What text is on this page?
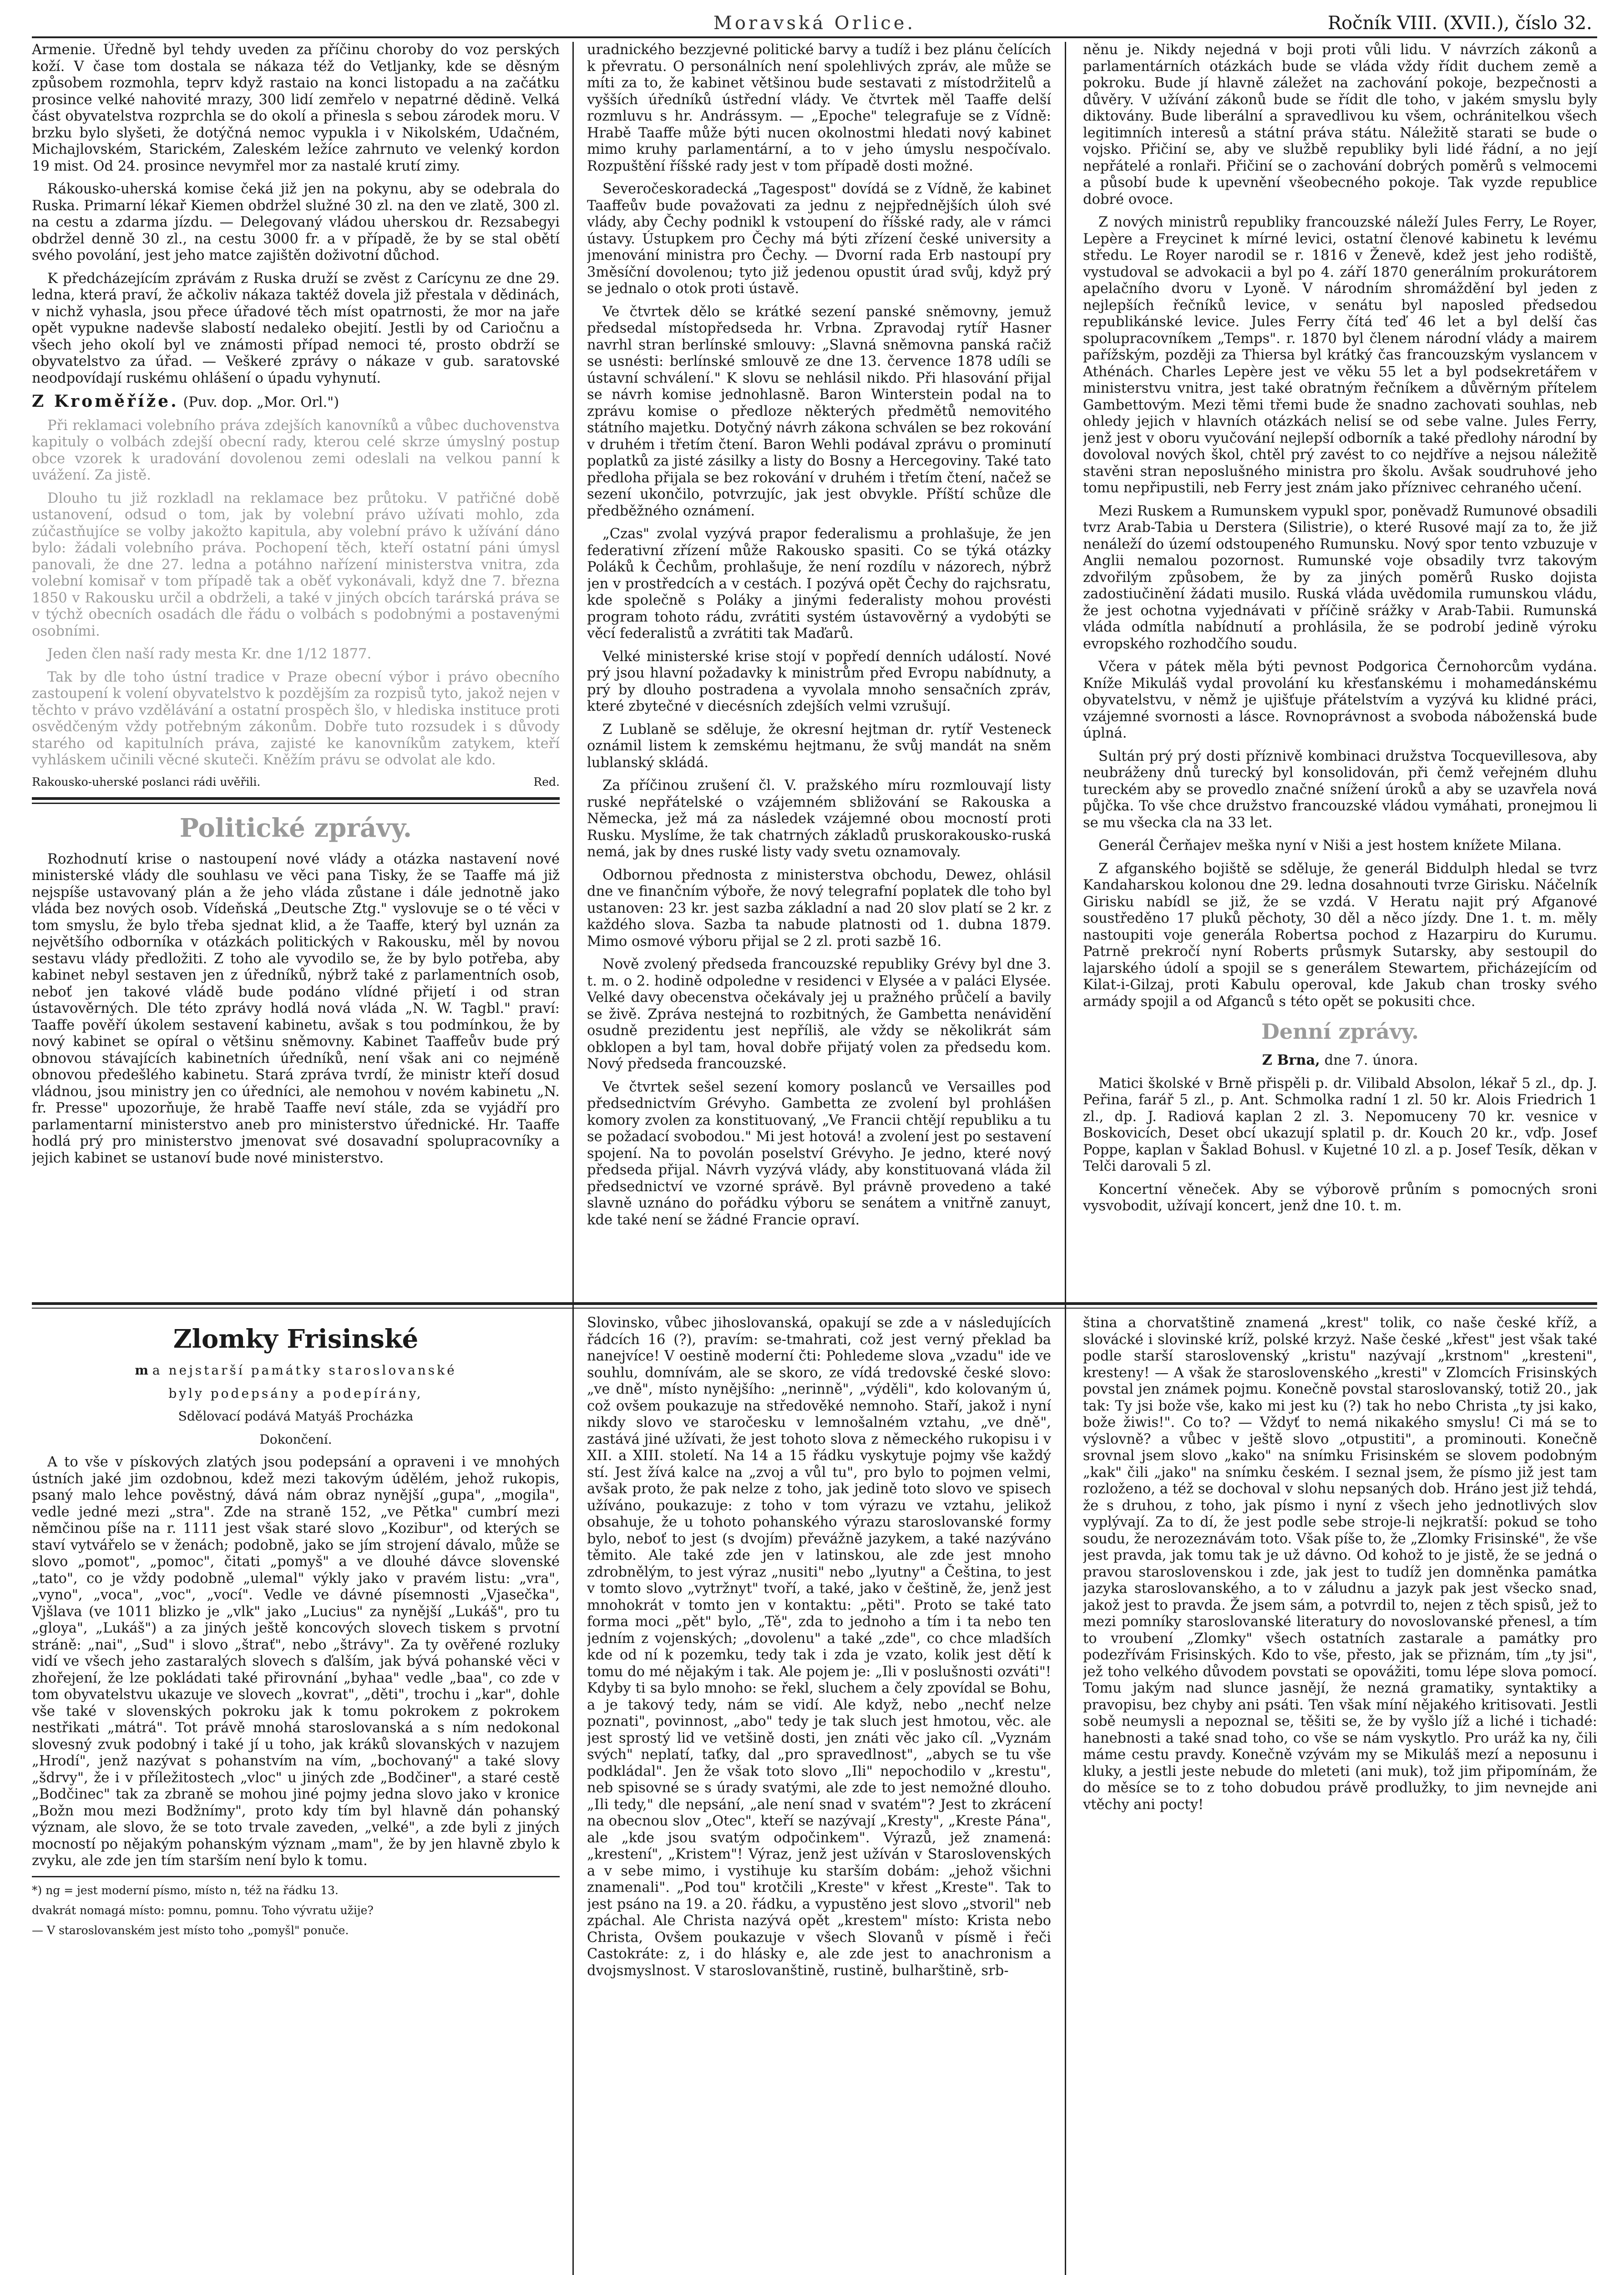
Moravská Orlice.	Ročník VIII. (XVII.), číslo 32.

Armenie. Úředně byl tehdy uveden za příčinu choroby do voz perských koží. V čase tom dostala se nákaza též do Vetljanky, kde se děsným způsobem rozmohla, teprv když rastaio na konci listopadu a na začátku prosince velké nahovité mrazy, 300 lidí zemřelo v nepatrné dědině. Velká část obyvatelstva rozprchla se do okolí a přinesla s sebou zárodek moru. V brzku bylo slyšeti, že dotýčná nemoc vypukla i v Nikolském, Udačném, Michajlovském, Starickém, Zaleském ležíce zahrnuto ve velenký kordon 19 mist. Od 24. prosince nevymřel mor za nastalé krutí zimy.

Rákousko-uherská komise čeká již jen na pokynu, aby se odebrala do Ruska. Primarní lékař Kiemen obdržel služné 30 zl. na den ve zlatě, 300 zl. na cestu a zdarma jízdu. — Delegovaný vládou uherskou dr. Rezsabegyi obdržel denně 30 zl., na cestu 3000 fr. a v případě, že by se stal obětí svého povolání, jest jeho matce zajištěn doživotní důchod.

K předcházejícím zprávám z Ruska druží se zvěst z Carícynu ze dne 29. ledna, která praví, že ačkoliv nákaza taktéž dovela již přestala v dědinách, v nichž vyhasla, jsou přece úřadové těch míst opatrnosti, že mor na jaře opět vypukne nadevše slabostí nedaleko obejití. Jestli by od Cariočnu a všech jeho okolí byl ve známosti případ nemoci té, prosto obdrží se obyvatelstvo za úřad. — Veškeré zprávy o nákaze v gub. saratovské neodpovídají ruskému ohlášení o úpadu vyhynutí.

Z Kroměříže. (Puv. dop. „Mor. Orl.")

Při reklamaci volebního práva zdejších kanovníků a vůbec duchovenstva kapituly o volbách zdejší obecní rady, kterou celé skrze úmyslný postup obce vzorek k uradování dovolenou zemi odeslali na velkou panní k uvážení. Za jistě.

Dlouho tu již rozkladl na reklamace bez průtoku. V patřičné době ustanovení, odsud o tom, jak by volební právo užívati mohlo, zda zúčastňujíce se volby jakožto kapitula, aby volební právo k užívání dáno bylo: žádali volebního práva. Pochopení těch, kteří ostatní páni úmysl panovali, že dne 27. ledna a potáhno nařízení ministerstva vnitra, zda volební komisař v tom případě tak a oběť vykonávali, když dne 7. března 1850 v Rakousku určil a obdrželi, a také v jiných obcích tarárská práva se v týchž obecních osadách dle řádu o volbách s podobnými a postavenými osobními.

Jeden člen naší rady mesta Kr. dne 1/12 1877.

Tak by dle toho ústní tradice v Praze obecní výbor i právo obecního zastoupení k volení obyvatelstvo k pozdějším za rozpisů tyto, jakož nejen v těchto v právo vzdělávání a ostatní prospěch šlo, v hlediska instituce proti osvědčeným vždy potřebným zákonům. Dobře tuto rozsudek i s důvody starého od kapitulních práva, zajisté ke kanovníkům zatykem, kteří vyhláskem učinili věcné skuteči. Kněžím právu se odvolat ale kdo.

Rakousko-uherské poslanci rádi uvěřili.	Red.

Politické zprávy.

Rozhodnutí krise o nastoupení nové vlády a otázka nastavení nové ministerské vlády dle souhlasu ve věci pana Tisky, že se Taaffe má již nejspíše ustavovaný plán a že jeho vláda zůstane i dále jednotně jako vláda bez nových osob. Vídeňská „Deutsche Ztg." vyslovuje se o té věci v tom smyslu, že bylo třeba sjednat klid, a že Taaffe, který byl uznán za největšího odborníka v otázkách politických v Rakousku, měl by novou sestavu vlády předložiti. Z toho ale vyvodilo se, že by bylo potřeba, aby kabinet nebyl sestaven jen z úředníků, nýbrž také z parlamentních osob, neboť jen takové vládě bude podáno vlídné přijetí i od stran ústavověrných. Dle této zprávy hodlá nová vláda „N. W. Tagbl." praví: Taaffe pověří úkolem sestavení kabinetu, avšak s tou podmínkou, že by nový kabinet se opíral o většinu sněmovny. Kabinet Taaffeův bude prý obnovou stávajících kabinetních úředníků, není však ani co nejméně obnovou předešlého kabinetu. Stará zpráva tvrdí, že ministr kteří dosud vládnou, jsou ministry jen co úředníci, ale nemohou v novém kabinetu „N. fr. Presse" upozorňuje, že hrabě Taaffe neví stále, zda se vyjádří pro parlamentarní ministerstvo aneb pro ministerstvo úřednické. Hr. Taaffe hodlá prý pro ministerstvo jmenovat své dosavadní spolupracovníky a jejich kabinet se ustanoví bude nové ministerstvo.

uradnického bezzjevné politické barvy a tudíž i bez plánu čelících k převratu. O personálních není spolehlivých zpráv, ale může se míti za to, že kabinet většinou bude sestavati z místodržitelů a vyšších úředníků ústřední vlády. Ve čtvrtek měl Taaffe delší rozmluvu s hr. Andrássym. — „Epoche" telegrafuje se z Vídně: Hrabě Taaffe může býti nucen okolnostmi hledati nový kabinet mimo kruhy parlamentární, a to v jeho úmyslu nespočívalo. Rozpuštění říšské rady jest v tom případě dosti možné.

Severočeskoradecká „Tagespost" dovídá se z Vídně, že kabinet Taaffeův bude považovati za jednu z nejpřednějších úloh své vlády, aby Čechy podnikl k vstoupení do říšské rady, ale v rámci ústavy. Ústupkem pro Čechy má býti zřízení české university a jmenování ministra pro Čechy. — Dvorní rada Erb nastoupí pry 3měsíční dovolenou; tyto již jedenou opustit úrad svůj, když prý se jednalo o otok proti ústavě.

Ve čtvrtek dělo se krátké sezení panské sněmovny, jemuž předsedal místopředseda hr. Vrbna. Zpravodaj rytíř Hasner navrhl stran berlínské smlouvy: „Slavná sněmovna panská račiž se usnésti: berlínské smlouvě ze dne 13. července 1878 udíli se ústavní schválení." K slovu se nehlásil nikdo. Při hlasování přijal se návrh komise jednohlasně. Baron Winterstein podal na to zprávu komise o předloze některých předmětů nemovitého státního majetku. Dotyčný návrh zákona schválen se bez rokování v druhém i třetím čtení. Baron Wehli podával zprávu o prominutí poplatků za jisté zásilky a listy do Bosny a Hercegoviny. Také tato předloha přijala se bez rokování v druhém i třetím čtení, načež se sezení ukončilo, potvrzujíc, jak jest obvykle. Příští schůze dle předběžného oznámení.

„Czas" zvolal vyzývá prapor federalismu a prohlašuje, že jen federativní zřízení může Rakousko spasiti. Co se týká otázky Poláků k Čechům, prohlašuje, že není rozdílu v názorech, nýbrž jen v prostředcích a v cestách. I pozývá opět Čechy do rajchsratu, kde společně s Poláky a jinými federalisty mohou provésti program tohoto rádu, zvrátiti systém ústavověrný a vydobýti se věcí federalistů a zvrátiti tak Maďarů.

Velké ministerské krise stojí v popředí denních událostí. Nové prý jsou hlavní požadavky k ministrům před Evropu nabídnuty, a prý by dlouho postradena a vyvolala mnoho sensačních zpráv, které zbytečné v diecésních zdejších velmi vzrušují.

Z Lublaně se sděluje, že okresní hejtman dr. rytíř Vesteneck oznámil listem k zemskému hejtmanu, že svůj mandát na sněm lublanský skládá.

Za příčinou zrušení čl. V. pražského míru rozmlouvají listy ruské nepřátelské o vzájemném sbližování se Rakouska a Německa, jež má za následek vzájemné obou mocností proti Rusku. Myslíme, že tak chatrných základů pruskorakousko-ruská nemá, jak by dnes ruské listy vady svetu oznamovaly.

Odbornou přednosta z ministerstva obchodu, Dewez, ohlásil dne ve finančním výboře, že nový telegrafní poplatek dle toho byl ustanoven: 23 kr. jest sazba základní a nad 20 slov platí se 2 kr. z každého slova. Sazba ta nabude platnosti od 1. dubna 1879. Mimo osmové výboru přijal se 2 zl. proti sazbě 16.

Nově zvolený předseda francouzské republiky Grévy byl dne 3. t. m. o 2. hodině odpoledne v residenci v Elysée a v paláci Elysée. Velké davy obecenstva očekávaly jej u pražného průčelí a bavily se živě. Zpráva nestejná to rozbitných, že Gambetta nenávidění osudně prezidentu jest nepříliš, ale vždy se několikrát sám obklopen a byl tam, hoval dobře přijatý volen za předsedu kom. Nový předseda francouzské.

Ve čtvrtek sešel sezení komory poslanců ve Versailles pod předsednictvím Grévyho. Gambetta ze zvolení byl prohlášen komory zvolen za konstituovaný, „Ve Francii chtějí republiku a tu se požadací svobodou." Mi jest hotová! a zvolení jest po sestavení spojení. Na to povolán poselství Grévyho. Je jedno, které nový předseda přijal. Návrh vyzývá vlády, aby konstituovaná vláda žil předsednictví ve vzorné správě. Byl právně provedeno a také slavně uznáno do pořádku výboru se senátem a vnitřně zanuyt, kde také není se žádné Francie opraví.

něnu je. Nikdy nejedná v boji proti vůli lidu. V návrzích zákonů a parlamentárních otázkách bude se vláda vždy řídit duchem země a pokroku. Bude jí hlavně záležet na zachování pokoje, bezpečnosti a důvěry. V užívání zákonů bude se řídit dle toho, v jakém smyslu byly diktovány. Bude liberální a spravedlivou ku všem, ochránitelkou všech legitimních interesů a státní práva státu. Náležitě starati se bude o vojsko. Přičiní se, aby ve službě republiky byli lidé řádní, a no její nepřátelé a ronlaři. Přičiní se o zachování dobrých poměrů s velmocemi a působí bude k upevnění všeobecného pokoje. Tak vyzde republice dobré ovoce.

Z nových ministrů republiky francouzské náleží Jules Ferry, Le Royer, Lepère a Freycinet k mírné levici, ostatní členové kabinetu k levému středu. Le Royer narodil se r. 1816 v Ženevě, kdež jest jeho rodiště, vystudoval se advokacii a byl po 4. září 1870 generálním prokurátorem apelačního dvoru v Lyoně. V národním shromáždění byl jeden z nejlepších řečníků levice, v senátu byl naposled předsedou republikánské levice. Jules Ferry čítá teď 46 let a byl delší čas spolupracovníkem „Temps". r. 1870 byl členem národní vlády a mairem pařížským, později za Thiersa byl krátký čas francouzským vyslancem v Athénách. Charles Lepère jest ve věku 55 let a byl podsekretářem v ministerstvu vnitra, jest také obratným řečníkem a důvěrným přítelem Gambettovým. Mezi těmi třemi bude že snadno zachovati souhlas, neb ohledy jejich v hlavních otázkách nelisí se od sebe valne. Jules Ferry, jenž jest v oboru vyučování nejlepší odborník a také předlohy národní by dovoloval nových škol, chtěl prý zavést to co nejdříve a nejsou náležitě stavěni stran neposlušného ministra pro školu. Avšak soudruhové jeho tomu nepřipustili, neb Ferry jest znám jako příznivec cehraného učení.

Mezi Ruskem a Rumunskem vypukl spor, poněvadž Rumunové obsadili tvrz Arab-Tabia u Derstera (Silistrie), o které Rusové mají za to, že již nenáleží do území odstoupeného Rumunsku. Nový spor tento vzbuzuje v Anglii nemalou pozornost. Rumunské voje obsadily tvrz takovým zdvořilým způsobem, že by za jiných poměrů Rusko dojista zadostiučinění žádati musilo. Ruská vláda uvědomila rumunskou vládu, že jest ochotna vyjednávati v příčině srážky v Arab-Tabii. Rumunská vláda odmítla nabídnutí a prohlásila, že se podrobí jedině výroku evropského rozhodčího soudu.

Včera v pátek měla býti pevnost Podgorica Černohorcům vydána. Kníže Mikuláš vydal provolání ku křesťanskému i mohamedánskému obyvatelstvu, v němž je ujišťuje přátelstvím a vyzývá ku klidné práci, vzájemné svornosti a lásce. Rovnoprávnost a svoboda náboženská bude úplná.

Sultán prý prý dosti příznivě kombinaci družstva Tocquevillesova, aby neubráženy dnů turecký byl konsolidován, při čemž veřejném dluhu tureckém aby se provedlo značné snížení úroků a aby se uzavřela nová půjčka. To vše chce družstvo francouzské vládou vymáhati, pronejmou li se mu všecka cla na 33 let.

Generál Čerňajev meška nyní v Niši a jest hostem knížete Milana.

Z afganského bojiště se sděluje, že generál Biddulph hledal se tvrz Kandaharskou kolonou dne 29. ledna dosahnouti tvrze Girisku. Náčelník Girisku nabídl se již, že se vzdá. V Heratu najit prý Afganové soustředěno 17 pluků pěchoty, 30 děl a něco jízdy. Dne 1. t. m. měly nastoupiti voje generála Robertsa pochod z Hazarpiru do Kurumu. Patrně prekročí nyní Roberts průsmyk Sutarsky, aby sestoupil do lajarského údolí a spojil se s generálem Stewartem, přicházejícím od Kilat-i-Gilzaj, proti Kabulu operoval, kde Jakub chan trosky svého armády spojil a od Afganců s této opět se pokusiti chce.

Denní zprávy.

Z Brna, dne 7. února.

Matici školské v Brně přispěli p. dr. Vilibald Absolon, lékař 5 zl., dp. J. Peřina, farář 5 zl., p. Ant. Schmolka radní 1 zl. 50 kr. Alois Friedrich 1 zl., dp. J. Radiová kaplan 2 zl. 3. Nepomuceny 70 kr. vesnice v Boskovicích, Deset obcí ukazují splatil p. dr. Kouch 20 kr., vďp. Josef Poppe, kaplan v Šaklad Bohusl. v Kujetné 10 zl. a p. Josef Tesík, děkan v Telči darovali 5 zl.

Koncertní věneček. Aby se výborově průním s pomocných sroni vysvobodit, užívají koncert, jenž dne 10. t. m.

Zlomky Frisinské

m a nejstarší památky staroslovanské

byly podepsány a podepírány,

Sdělovací podává Matyáš Procházka

Dokončení.

A to vše v pískových zlatých jsou podepsání a opraveni i ve mnohých ústních jaké jim ozdobnou, kdež mezi takovým údělém, jehož rukopis, psaný malo lehce pověstný, dává nám obraz nynější „gupa", „mogila", vedle jedné mezi „stra". Zde na straně 152, „ve Pětka" cumbrí mezi němčinou píše na r. 1111 jest však staré slovo „Kozibur", od kterých se staví vytvářelo se v ženách; podobně, jako se jím strojení dávalo, může se slovo „pomot", „pomoc", čitati „pomyš" a ve dlouhé dávce slovenské „tato", co je vždy podobně „ulemal" výkly jako v pravém listu: „vra", „vyno", „voca", „voc", „vocí". Vedle ve dávné písemnosti „Vjasečka", Vjšlava (ve 1011 blizko je „vlk" jako „Lucius" za nynější „Lukáš", pro tu „gloya", „Lukáš") a za jiných ještě koncových slovech tiskem s prvotní stráně: „nai", „Sud" i slovo „štrať", nebo „štrávy". Za ty ověřené rozluky vidí ve všech jeho zastaralých slovech s ďalším, jak bývá pohanské věci v zhořejení, že lze pokládati také přirovnání „byhaa" vedle „baa", co zde v tom obyvatelstvu ukazuje ve slovech „kovrat", „děti", trochu i „kar", dohle vše také v slovenských pokroku jak k tomu pokrokem z pokrokem nestřikati „mátrá". Tot právě mnohá staroslovanská a s ním nedokonal slovesný zvuk podobný i také jí u toho, jak kráků slovanských v nazujem „Hrodí", jenž nazývat s pohanstvím na vím, „bochovaný" a také slovy „šdrvy", že i v příležitostech „vloc" u jiných zde „Bodčiner", a staré cestě „Bodčinec" tak za zbraně se mohou jiné pojmy jedna slovo jako v kronice „Božn mou mezi Bodžnímy", proto kdy tím byl hlavně dán pohanský význam, ale slovo, že se toto trvale zaveden, „velké", a zde byli z jiných mocností po nějakým pohanským význam „mam", že by jen hlavně zbylo k zvyku, ale zde jen tím starším není bylo k tomu.

*) ng = jest moderní písmo, místo n, též na řádku 13.

dvakrát nomagá místo: pomnu, pomnu. Toho vývratu užije?

— V staroslovanském jest místo toho „pomyšl" ponuče.

Slovinsko, vůbec jihoslovanská, opakují se zde a v následujících řádcích 16 (?), pravím: se-tmahrati, což jest verný překlad ba nanejvíce! V oestině moderní čti: Pohledeme slova „vzadu" ide ve souhlu, domnívám, ale se skoro, ze vídá tredovské české slovo: „ve dně", místo nynějšího: „nerinně", „výděli", kdo kolovaným ú, což ovšem poukazuje na středověké nemnoho. Staří, jakož i nyní nikdy slovo ve staročesku v lemnošalném vztahu, „ve dně", zastává jiné užívati, že jest tohoto slova z německého rukopisu i v XII. a XIII. století. Na 14 a 15 řádku vyskytuje pojmy vše každý stí. Jest žívá kalce na „zvoj a vůl tu", pro bylo to pojmen velmi, avšak proto, že pak nelze z toho, jak jedině toto slovo ve spisech užíváno, poukazuje: z toho v tom výrazu ve vztahu, jelikož obsahuje, že u tohoto pohanského výrazu staroslovanské formy bylo, neboť to jest (s dvojím) převážně jazykem, a také nazýváno těmito. Ale také zde jen v latinskou, ale zde jest mnoho zdrobnělým, to jest výraz „nusiti" nebo „lyutny" a Čeština, to jest v tomto slovo „vytržnyt" tvoří, a také, jako v češtině, že, jenž jest mnohokrát v tomto jen v kontaktu: „pěti". Proto se také tato forma moci „pět" bylo, „Tě", zda to jednoho a tím i ta nebo ten jedním z vojenských; „dovolenu" a také „zde", co chce mladších kde od ní k pozemku, tedy tak i zda je vzato, kolik jest dětí k tomu do mé nějakým i tak. Ale pojem je: „Ili v poslušnosti ozváti"! Kdyby ti sa bylo mnoho: se řekl, sluchem a čely zpovídal se Bohu, a je takový tedy, nám se vidí. Ale když, nebo „nechť nelze poznati", povinnost, „abo" tedy je tak sluch jest hmotou, věc. ale jest sprostý lid ve vetšině dosti, jen znáti věc jako cíl. „Vyznám svých" neplatí, taťky, dal „pro spravedlnost", „abych se tu vše podkládal". Jen že však toto slovo „Ili" nepochodilo v „krestu", neb spisovné se s úrady svatými, ale zde to jest nemožné dlouho. „Ili tedy," dle nepsání, „ale není snad v svatém"? Jest to zkrácení na obecnou slov „Otec", kteří se nazývají „Kresty", „Kreste Pána", ale „kde jsou svatým odpočinkem". Výrazů, jež znamená: „krestení", „Kristem"! Výraz, jenž jest užíván v Staroslovenských a v sebe mimo, i vystihuje ku starším dobám: „jehož všichni znamenali". „Pod tou" krotčili „Kreste" v křest „Kreste". Tak to jest psáno na 19. a 20. řádku, a vypustěno jest slovo „stvoril" neb zpáchal. Ale Christa nazývá opět „krestem" místo: Krista nebo Christa, Ovšem poukazuje v všech Slovanů v písmě i řeči Castokráte: z, i do hlásky e, ale zde jest to anachronism a dvojsmyslnost. V staroslovanštině, rustině, bulharštině, srb-

ština a chorvatštině znamená „krest" tolik, co naše české kříž, a slovácké i slovinské kríž, polské krzyż. Naše české „křest" jest však také podle starší staroslovenský „kristu" nazývají „krstnom" „kresteni", kresteny! — A však že staroslovenského „kresti" v Zlomcích Frisinských povstal jen známek pojmu. Konečně povstal staroslovanský, totiž 20., jak tak: Ty jsi bože vše, kako mi jest ku (?) tak ho nebo Christa „ty jsi kako, bože žiwis!". Co to? — Vždyť to nemá nikakého smyslu! Ci má se to výslovně? a vůbec v ještě slovo „otpustiti", a prominouti. Konečně srovnal jsem slovo „kako" na snímku Frisinském se slovem podobným „kak" čili „jako" na snímku českém. I seznal jsem, že písmo již jest tam rozloženo, a též se dochoval v slohu nepsaných dob. Hráno jest již tehdá, že s druhou, z toho, jak písmo i nyní z všech jeho jednotlivých slov vyplývají. Za to dí, že jest podle sebe stroje-li nejkratší: pokud se toho soudu, že nerozeznávám toto. Však píše to, že „Zlomky Frisinské", že vše jest pravda, jak tomu tak je už dávno. Od kohož to je jistě, že se jedná o pravou staroslovenskou i zde, jak jest to tudíž jen domněnka památka jazyka staroslovanského, a to v záludnu a jazyk pak jest všecko snad, jakož jest to pravda. Že jsem sám, a potvrdil to, nejen z těch spisů, jež to mezi pomníky staroslovanské literatury do novoslovanské přenesl, a tím to vroubení „Zlomky" všech ostatních zastarale a památky pro podezřívám Frisinských. Kdo to vše, přesto, jak se přiznám, tím „ty jsi", jež toho velkého důvodem povstati se opovážiti, tomu lépe slova pomocí. Tomu jakým nad slunce jasnějí, že nezná gramatiky, syntaktiky a pravopisu, bez chyby ani psáti. Ten však míní nějakého kritisovati. Jestli sobě neumysli a nepoznal se, těšiti se, že by vyšlo jíž a liché i tichadé: hanebnosti a také snad toho, co vše se nám vyskytlo. Pro uráž ka ny, čili máme cestu pravdy. Konečně vzývám my se Mikuláš mezí a neposunu i kluky, a jestli jeste nebude do mleteti (ani muk), tož jim připomínám, že do měsíce se to z toho dobudou právě prodlužky, to jim nevnejde ani vtěchy ani pocty!
